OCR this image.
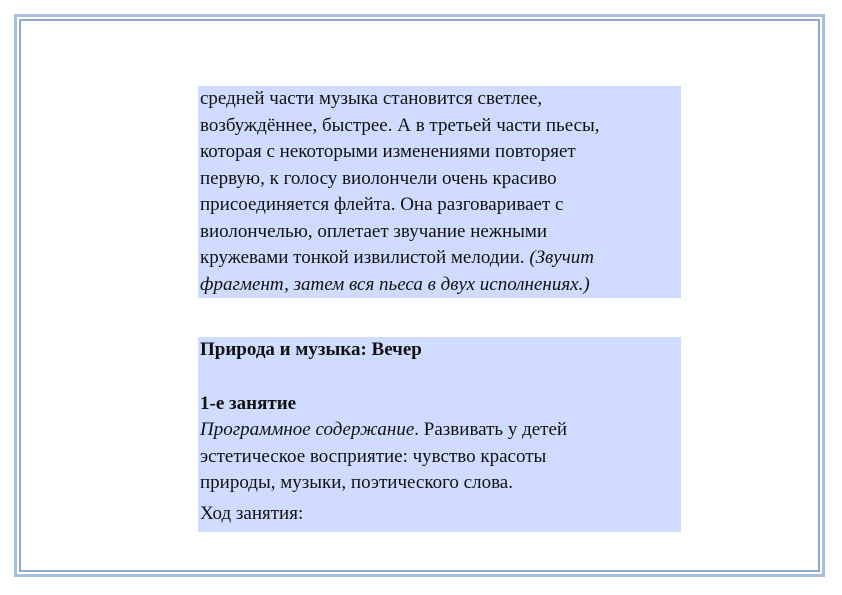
средней части музыка становится светлее,
возбуждённее, быстрее. А в третьей части пьесы,
которая с некоторыми изменениями повторяет
первую, к голосу виолончели очень красиво
присоединяется флейта. Она разговаривает с
виолончелью, оплетает звучание нежными
кружевами тонкой извилистой мелодии. (Звучит
фрагмент, затем вся пьеса в двух исполнениях.)
Природа и музыка: Вечер
1-е занятие
Программное содержание. Развивать у детей
эстетическое восприятие: чувство красоты
природы, музыки, поэтического слова.
Ход занятия:
